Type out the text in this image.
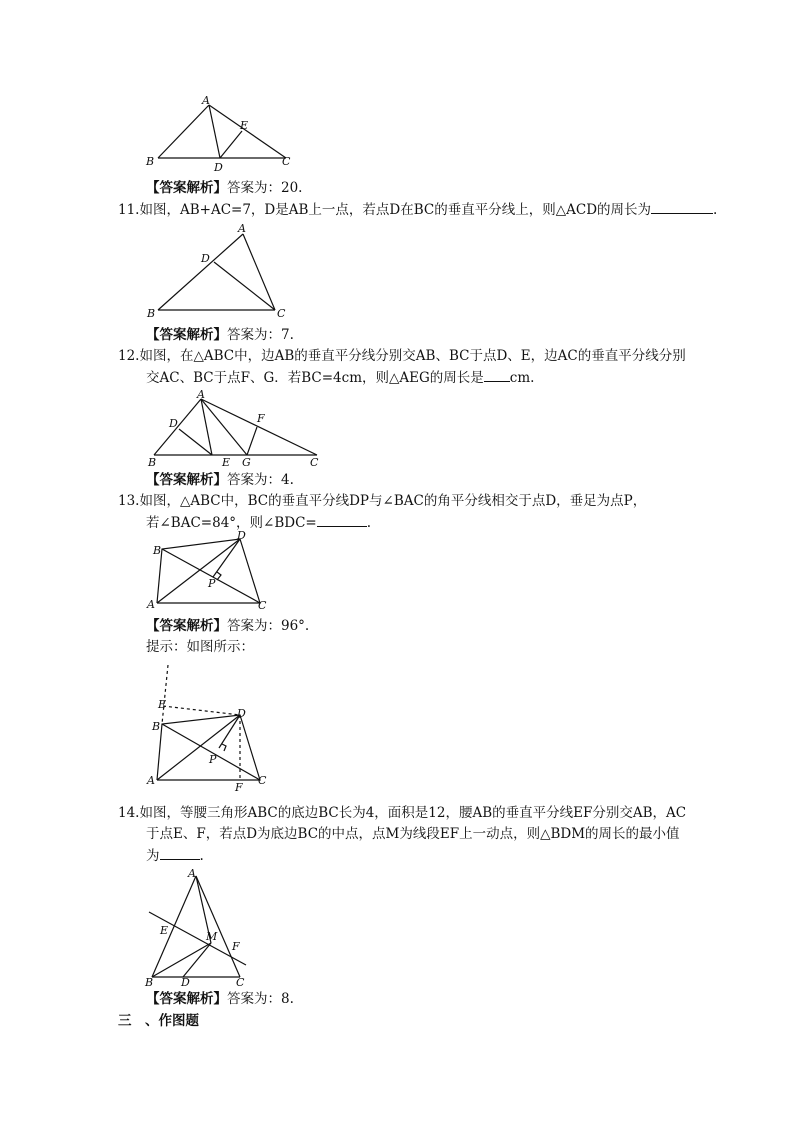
A
E
B	D	C
【答案解析】答案为：20.
11.如图，AB+AC=7，D是AB上一点，若点D在BC的垂直平分线上，则△ACD的周长为	.
A
D
B	C
【答案解析】答案为：7.
12.如图，在△ABC中，边AB的垂直平分线分别交AB、BC于点D、E，边AC的垂直平分线分别
交AC、BC于点F、G．若BC=4cm，则△AEG的周长是 cm.
A
D	F
B	E G	C
【答案解析】答案为：4.
13.如图，△ABC中，BC的垂直平分线DP与∠BAC的角平分线相交于点D，垂足为点P，
若∠BAC=84°，则∠BDC=	.
B
D
P
A	C
【答案解析】答案为：96°.
提示：如图所示：
E
D
B
P
A
F
C
14.如图，等腰三角形ABC的底边BC长为4，面积是12，腰AB的垂直平分线EF分别交AB，AC
于点E、F，若点D为底边BC的中点，点M为线段EF上一动点，则△BDM的周长的最小值
为	.
A
E	M
F
B	D	C
【答案解析】答案为：8.
三　、作图题
